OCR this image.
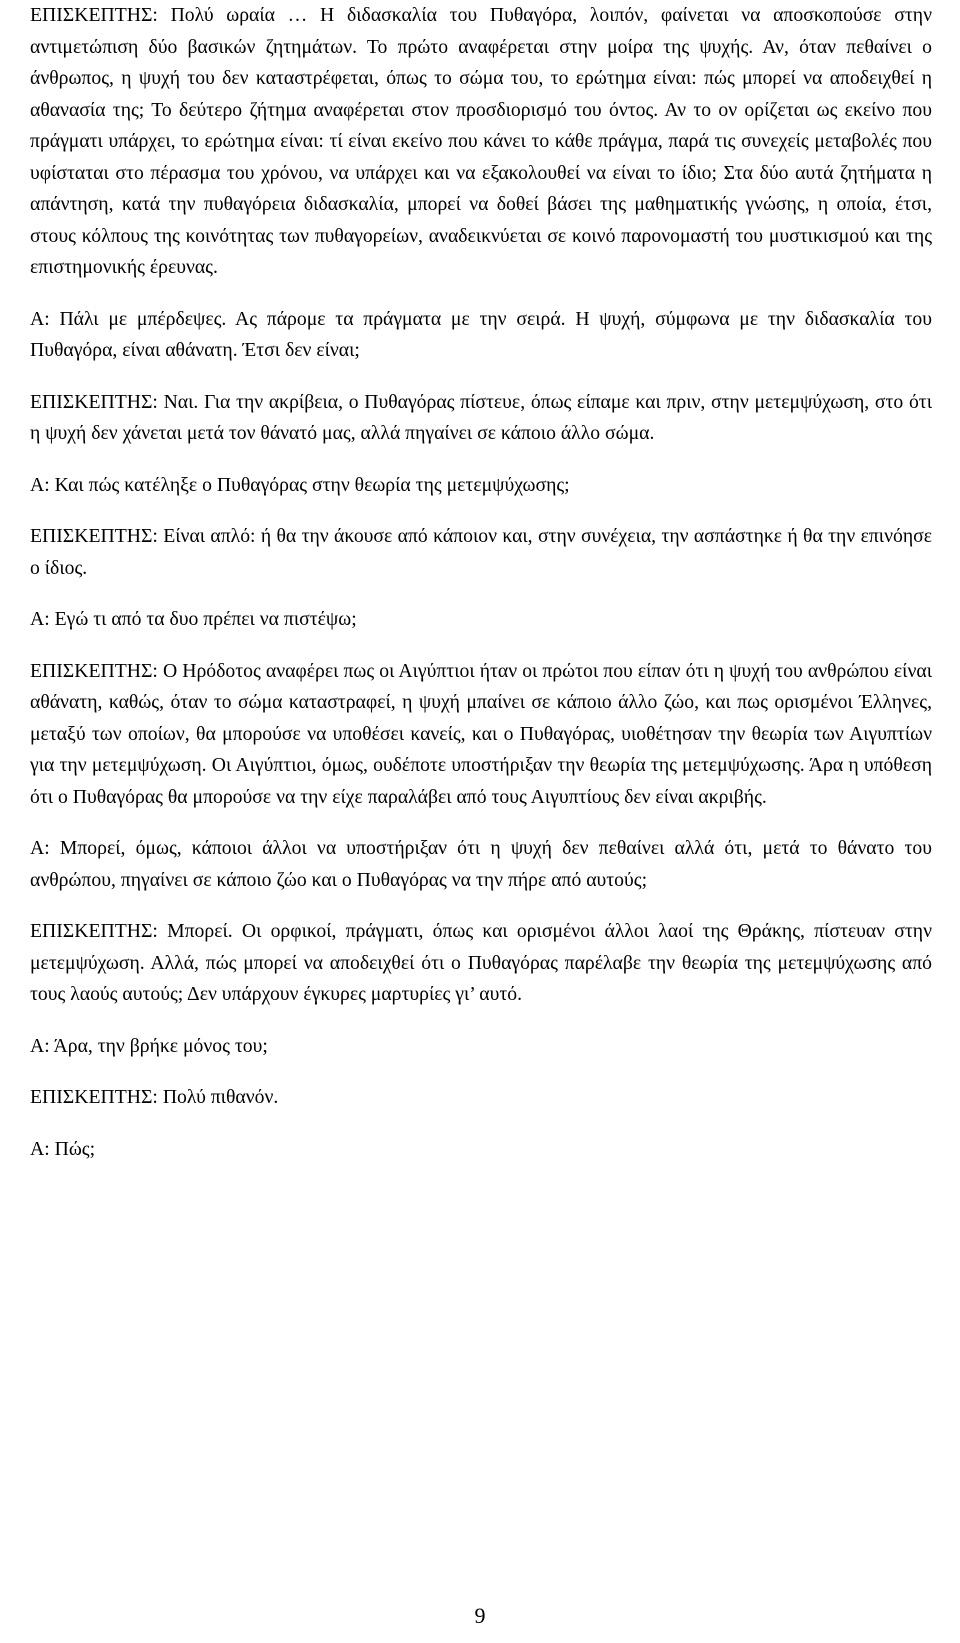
ΕΠΙΣΚΕΠΤΗΣ: Πολύ ωραία … Η διδασκαλία του Πυθαγόρα, λοιπόν, φαίνεται να αποσκοπούσε στην αντιμετώπιση δύο βασικών ζητημάτων. Το πρώτο αναφέρεται στην μοίρα της ψυχής. Αν, όταν πεθαίνει ο άνθρωπος, η ψυχή του δεν καταστρέφεται, όπως το σώμα του, το ερώτημα είναι: πώς μπορεί να αποδειχθεί η αθανασία της; Το δεύτερο ζήτημα αναφέρεται στον προσδιορισμό του όντος. Αν το ον ορίζεται ως εκείνο που πράγματι υπάρχει, το ερώτημα είναι: τί είναι εκείνο που κάνει το κάθε πράγμα, παρά τις συνεχείς μεταβολές που υφίσταται στο πέρασμα του χρόνου, να υπάρχει και να εξακολουθεί να είναι το ίδιο; Στα δύο αυτά ζητήματα η απάντηση, κατά την πυθαγόρεια διδασκαλία, μπορεί να δοθεί βάσει της μαθηματικής γνώσης, η οποία, έτσι, στους κόλπους της κοινότητας των πυθαγορείων, αναδεικνύεται σε κοινό παρονομαστή του μυστικισμού και της επιστημονικής έρευνας.

Α: Πάλι με μπέρδεψες. Ας πάρομε τα πράγματα με την σειρά. Η ψυχή, σύμφωνα με την διδασκαλία του Πυθαγόρα, είναι αθάνατη. Έτσι δεν είναι;

ΕΠΙΣΚΕΠΤΗΣ: Ναι. Για την ακρίβεια, ο Πυθαγόρας πίστευε, όπως είπαμε και πριν, στην μετεμψύχωση, στο ότι η ψυχή δεν χάνεται μετά τον θάνατό μας, αλλά πηγαίνει σε κάποιο άλλο σώμα.

Α: Και πώς κατέληξε ο Πυθαγόρας στην θεωρία της μετεμψύχωσης;

ΕΠΙΣΚΕΠΤΗΣ: Είναι απλό: ή θα την άκουσε από κάποιον και, στην συνέχεια, την ασπάστηκε ή θα την επινόησε ο ίδιος.

Α: Εγώ τι από τα δυο πρέπει να πιστέψω;

ΕΠΙΣΚΕΠΤΗΣ: Ο Ηρόδοτος αναφέρει πως οι Αιγύπτιοι ήταν οι πρώτοι που είπαν ότι η ψυχή του ανθρώπου είναι αθάνατη, καθώς, όταν το σώμα καταστραφεί, η ψυχή μπαίνει σε κάποιο άλλο ζώο, και πως ορισμένοι Έλληνες, μεταξύ των οποίων, θα μπορούσε να υποθέσει κανείς, και ο Πυθαγόρας, υιοθέτησαν την θεωρία των Αιγυπτίων για την μετεμψύχωση. Οι Αιγύπτιοι, όμως, ουδέποτε υποστήριξαν την θεωρία της μετεμψύχωσης. Άρα η υπόθεση ότι ο Πυθαγόρας θα μπορούσε να την είχε παραλάβει από τους Αιγυπτίους δεν είναι ακριβής.

Α: Μπορεί, όμως, κάποιοι άλλοι να υποστήριξαν ότι η ψυχή δεν πεθαίνει αλλά ότι, μετά το θάνατο του ανθρώπου, πηγαίνει σε κάποιο ζώο και ο Πυθαγόρας να την πήρε από αυτούς;

ΕΠΙΣΚΕΠΤΗΣ: Μπορεί. Οι ορφικοί, πράγματι, όπως και ορισμένοι άλλοι λαοί της Θράκης, πίστευαν στην μετεμψύχωση. Αλλά, πώς μπορεί να αποδειχθεί ότι ο Πυθαγόρας παρέλαβε την θεωρία της μετεμψύχωσης από τους λαούς αυτούς; Δεν υπάρχουν έγκυρες μαρτυρίες γι’ αυτό.

Α: Άρα, την βρήκε μόνος του;

ΕΠΙΣΚΕΠΤΗΣ: Πολύ πιθανόν.

Α: Πώς;

9
